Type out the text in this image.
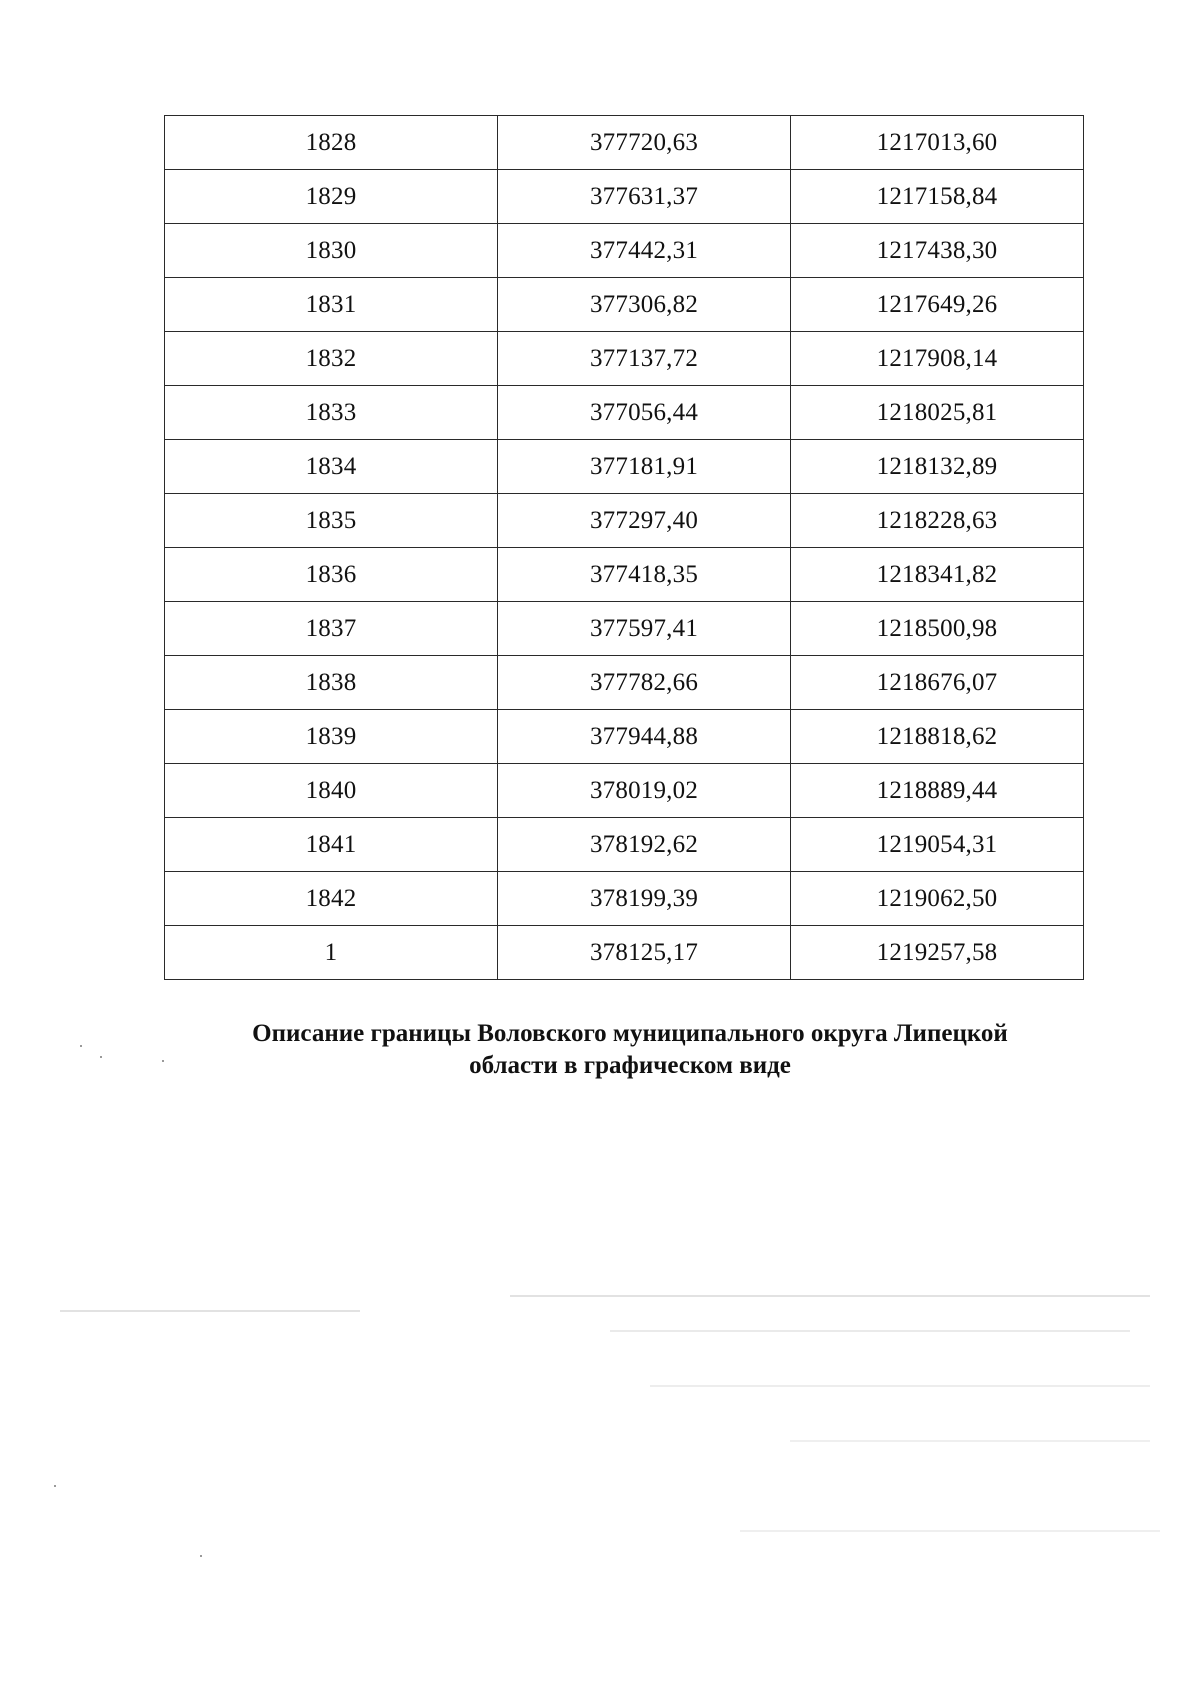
1828	377720,63	1217013,60
1829	377631,37	1217158,84
1830	377442,31	1217438,30
1831	377306,82	1217649,26
1832	377137,72	1217908,14
1833	377056,44	1218025,81
1834	377181,91	1218132,89
1835	377297,40	1218228,63
1836	377418,35	1218341,82
1837	377597,41	1218500,98
1838	377782,66	1218676,07
1839	377944,88	1218818,62
1840	378019,02	1218889,44
1841	378192,62	1219054,31
1842	378199,39	1219062,50
1	378125,17	1219257,58
Описание границы Воловского муниципального округа Липецкой
области в графическом виде
